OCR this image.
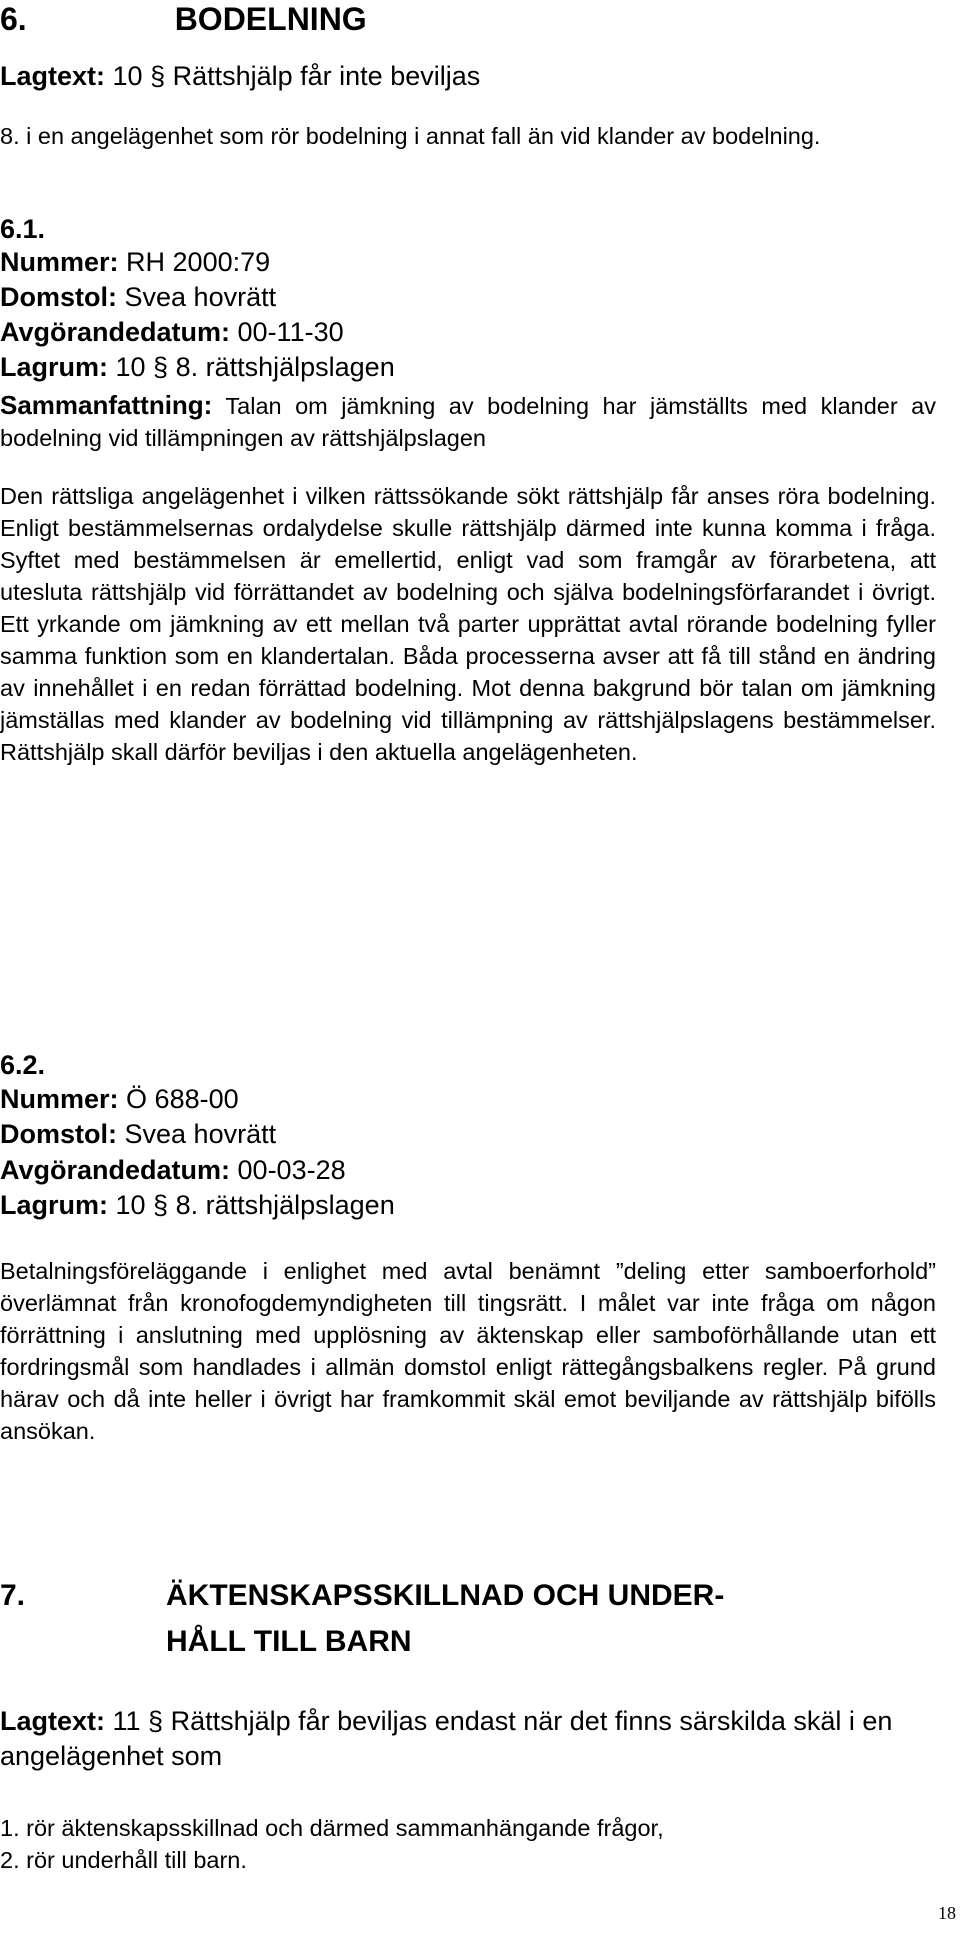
6.	BODELNING
Lagtext: 10 § Rättshjälp får inte beviljas

8. i en angelägenhet som rör bodelning i annat fall än vid klander av bodelning.

6.1.
Nummer: RH 2000:79
Domstol: Svea hovrätt
Avgörandedatum: 00-11-30
Lagrum: 10 § 8. rättshjälpslagen

Sammanfattning: Talan om jämkning av bodelning har jämställts med klander av bodelning vid tillämpningen av rättshjälpslagen

Den rättsliga angelägenhet i vilken rättssökande sökt rättshjälp får anses röra bodelning. Enligt bestämmelsernas ordalydelse skulle rättshjälp därmed inte kunna komma i fråga. Syftet med bestämmelsen är emellertid, enligt vad som framgår av förarbetena, att utesluta rättshjälp vid förrättandet av bodelning och själva bodelningsförfarandet i övrigt. Ett yrkande om jämkning av ett mellan två parter upprättat avtal rörande bodelning fyller samma funktion som en klandertalan. Båda processerna avser att få till stånd en ändring av innehållet i en redan förrättad bodelning. Mot denna bakgrund bör talan om jämkning jämställas med klander av bodelning vid tillämpning av rättshjälpslagens bestämmelser. Rättshjälp skall därför beviljas i den aktuella angelägenheten.

6.2.
Nummer: Ö 688-00
Domstol: Svea hovrätt
Avgörandedatum: 00-03-28
Lagrum: 10 § 8. rättshjälpslagen

Betalningsföreläggande i enlighet med avtal benämnt ”deling etter samboerforhold” överlämnat från kronofogdemyndigheten till tingsrätt. I målet var inte fråga om någon förrättning i anslutning med upplösning av äktenskap eller samboförhållande utan ett fordringsmål som handlades i allmän domstol enligt rättegångsbalkens regler. På grund härav och då inte heller i övrigt har framkommit skäl emot beviljande av rättshjälp bifölls ansökan.

7.	ÄKTENSKAPSSKILLNAD OCH UNDER-
HÅLL TILL BARN

Lagtext: 11 § Rättshjälp får beviljas endast när det finns särskilda skäl i en angelägenhet som

1. rör äktenskapsskillnad och därmed sammanhängande frågor,
2. rör underhåll till barn.
18
